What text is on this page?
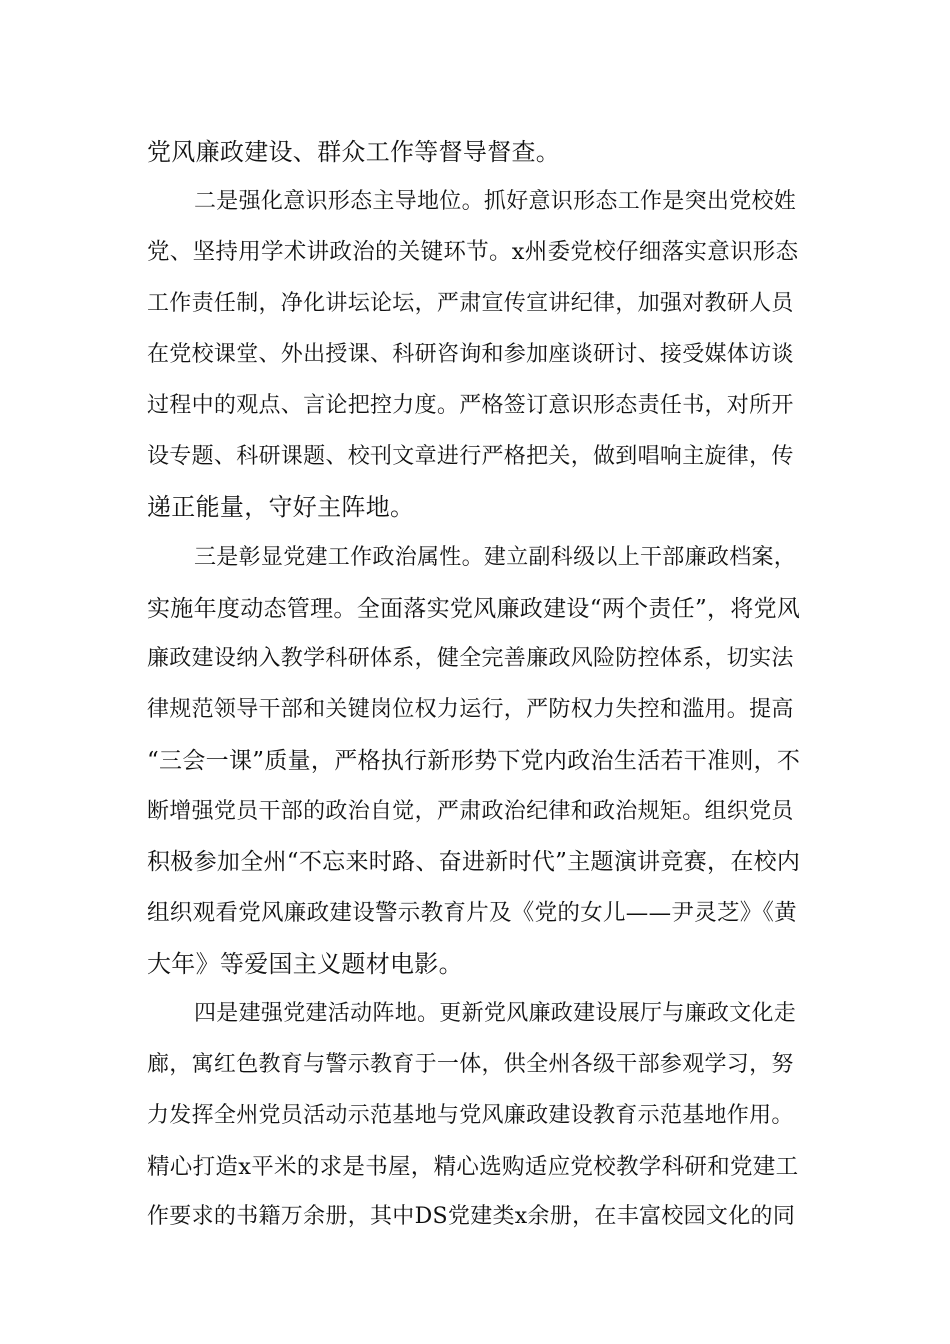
党风廉政建设、群众工作等督导督查。
二是强化意识形态主导地位。抓好意识形态工作是突出党校姓
党、坚持用学术讲政治的关键环节。x州委党校仔细落实意识形态
工作责任制，净化讲坛论坛，严肃宣传宣讲纪律，加强对教研人员
在党校课堂、外出授课、科研咨询和参加座谈研讨、接受媒体访谈
过程中的观点、言论把控力度。严格签订意识形态责任书，对所开
设专题、科研课题、校刊文章进行严格把关，做到唱响主旋律，传
递正能量，守好主阵地。
三是彰显党建工作政治属性。建立副科级以上干部廉政档案，
实施年度动态管理。全面落实党风廉政建设“两个责任”，将党风
廉政建设纳入教学科研体系，健全完善廉政风险防控体系，切实法
律规范领导干部和关键岗位权力运行，严防权力失控和滥用。提高
“三会一课”质量，严格执行新形势下党内政治生活若干准则，不
断增强党员干部的政治自觉，严肃政治纪律和政治规矩。组织党员
积极参加全州“不忘来时路、奋进新时代”主题演讲竞赛，在校内
组织观看党风廉政建设警示教育片及《党的女儿——尹灵芝》《黄
大年》等爱国主义题材电影。
四是建强党建活动阵地。更新党风廉政建设展厅与廉政文化走
廊，寓红色教育与警示教育于一体，供全州各级干部参观学习，努
力发挥全州党员活动示范基地与党风廉政建设教育示范基地作用。
精心打造x平米的求是书屋，精心选购适应党校教学科研和党建工
作要求的书籍万余册，其中DS党建类x余册，在丰富校园文化的同
